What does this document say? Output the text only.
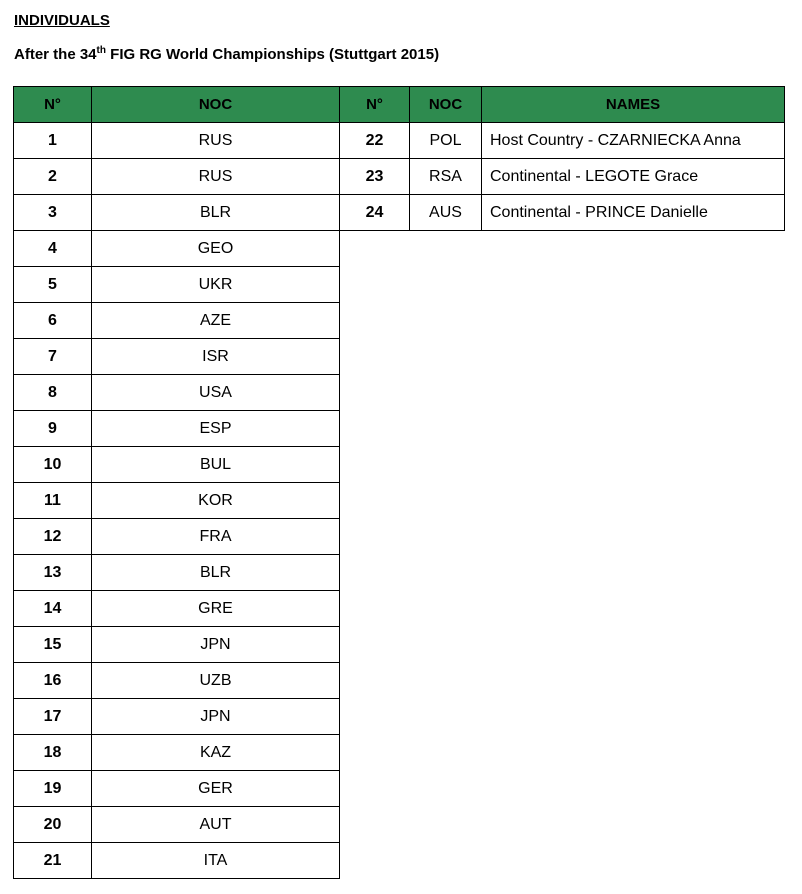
INDIVIDUALS
After the 34th FIG RG World Championships (Stuttgart 2015)
N°	NOC
1	RUS
2	RUS
3	BLR
4	GEO
5	UKR
6	AZE
7	ISR
8	USA
9	ESP
10	BUL
11	KOR
12	FRA
13	BLR
14	GRE
15	JPN
16	UZB
17	JPN
18	KAZ
19	GER
20	AUT
21	ITA
N°	NOC	NAMES
22	POL	Host Country - CZARNIECKA Anna
23	RSA	Continental - LEGOTE Grace
24	AUS	Continental - PRINCE Danielle
